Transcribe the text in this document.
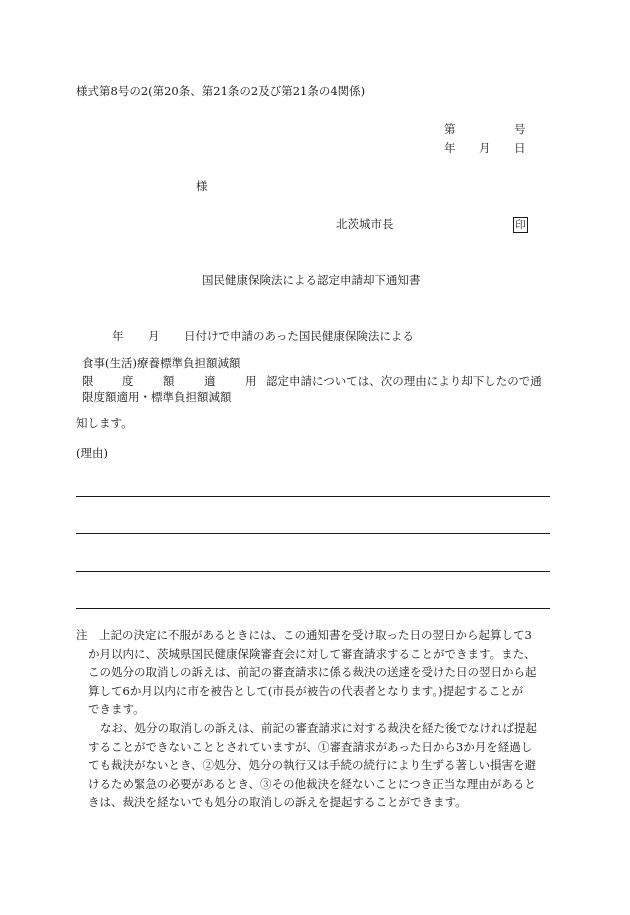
様式第8号の2(第20条、第21条の2及び第21条の4関係)
第	号
年 月 日
様
北茨城市長	印
国民健康保険法による認定申請却下通知書
年 月 日付けで申請のあった国民健康保険法による
食事(生活)療養標準負担額減額
限 度	額	適	用 認定申請については、次の理由により却下したので通
限度額適用・標準負担額減額
知します。
(理由)

注　上記の決定に不服があるときには、この通知書を受け取った日の翌日から起算して3

か月以内に、茨城県国民健康保険審査会に対して審査請求することができます。また、

この処分の取消しの訴えは、前記の審査請求に係る裁決の送達を受けた日の翌日から起

算して6か月以内に市を被告として(市長が被告の代表者となります。)提起することが

できます。

なお、処分の取消しの訴えは、前記の審査請求に対する裁決を経た後でなければ提起

することができないこととされていますが、①審査請求があった日から3か月を経過し

ても裁決がないとき、②処分、処分の執行又は手続の続行により生ずる著しい損害を避

けるため緊急の必要があるとき、③その他裁決を経ないことにつき正当な理由があると

きは、裁決を経ないでも処分の取消しの訴えを提起することができます。
